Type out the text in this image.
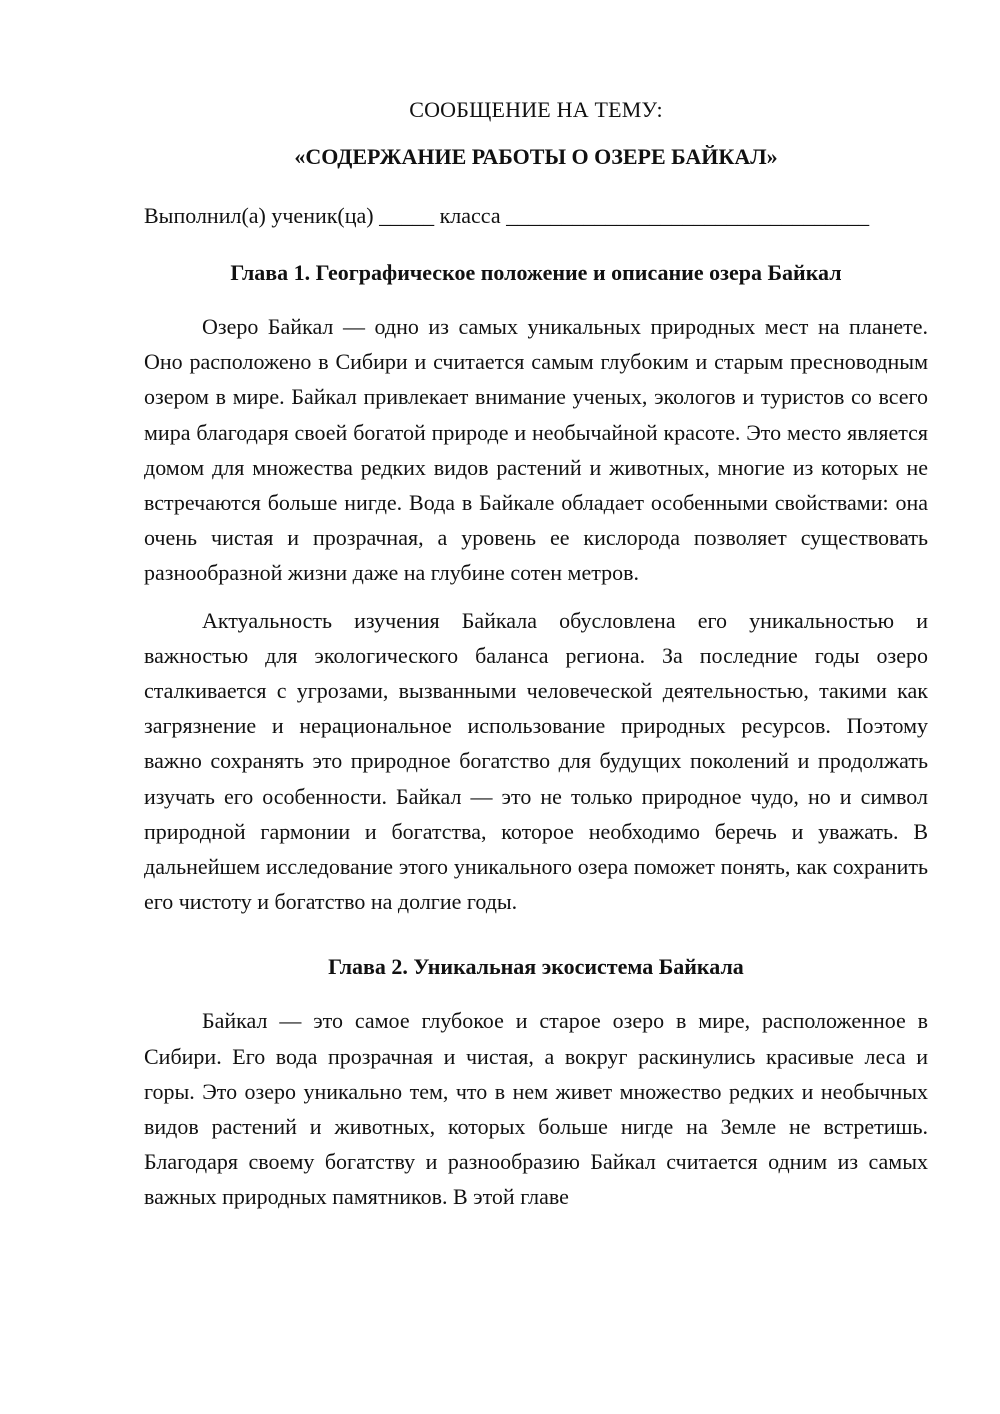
СООБЩЕНИЕ НА ТЕМУ:

«СОДЕРЖАНИЕ РАБОТЫ О ОЗЕРЕ БАЙКАЛ»

Выполнил(а) ученик(ца) _____ класса _________________________________

Глава 1. Географическое положение и описание озера Байкал

Озеро Байкал — одно из самых уникальных природных мест на планете. Оно расположено в Сибири и считается самым глубоким и старым пресноводным озером в мире. Байкал привлекает внимание ученых, экологов и туристов со всего мира благодаря своей богатой природе и необычайной красоте. Это место является домом для множества редких видов растений и животных, многие из которых не встречаются больше нигде. Вода в Байкале обладает особенными свойствами: она очень чистая и прозрачная, а уровень ее кислорода позволяет существовать разнообразной жизни даже на глубине сотен метров.

Актуальность изучения Байкала обусловлена его уникальностью и важностью для экологического баланса региона. За последние годы озеро сталкивается с угрозами, вызванными человеческой деятельностью, такими как загрязнение и нерациональное использование природных ресурсов. Поэтому важно сохранять это природное богатство для будущих поколений и продолжать изучать его особенности. Байкал — это не только природное чудо, но и символ природной гармонии и богатства, которое необходимо беречь и уважать. В дальнейшем исследование этого уникального озера поможет понять, как сохранить его чистоту и богатство на долгие годы.

Глава 2. Уникальная экосистема Байкала

Байкал — это самое глубокое и старое озеро в мире, расположенное в Сибири. Его вода прозрачная и чистая, а вокруг раскинулись красивые леса и горы. Это озеро уникально тем, что в нем живет множество редких и необычных видов растений и животных, которых больше нигде на Земле не встретишь. Благодаря своему богатству и разнообразию Байкал считается одним из самых важных природных памятников. В этой главе
